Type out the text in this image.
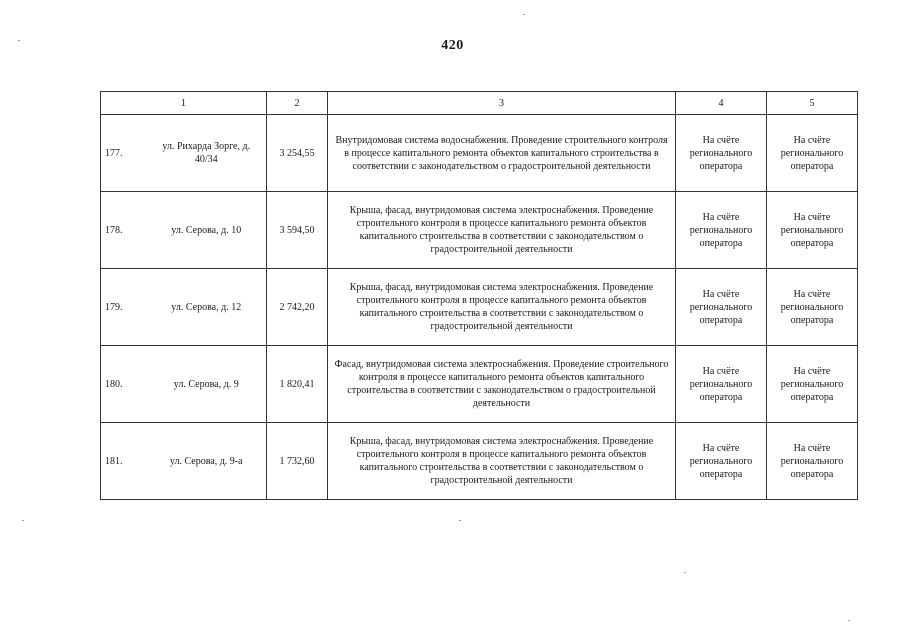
420
1		2	3	4	5
177.	ул. Рихарда Зорге, д. 40/34	3 254,55	Внутридомовая система водоснабжения. Проведение строительного контроля в процессе капитального ремонта объектов капитального строительства в соответствии с законодательством о градостроительной деятельности	На счёте регионального оператора	На счёте регионального оператора
178.	ул. Серова, д. 10	3 594,50	Крыша, фасад, внутридомовая система электроснабжения. Проведение строительного контроля в процессе капитального ремонта объектов капитального строительства в соответствии с законодательством о градостроительной деятельности	На счёте регионального оператора	На счёте регионального оператора
179.	ул. Серова, д. 12	2 742,20	Крыша, фасад, внутридомовая система электроснабжения. Проведение строительного контроля в процессе капитального ремонта объектов капитального строительства в соответствии с законодательством о градостроительной деятельности	На счёте регионального оператора	На счёте регионального оператора
180.	ул. Серова, д. 9	1 820,41	Фасад, внутридомовая система электроснабжения. Проведение строительного контроля в процессе капитального ремонта объектов капитального строительства в соответствии с законодательством о градостроительной деятельности	На счёте регионального оператора	На счёте регионального оператора
181.	ул. Серова, д. 9-а	1 732,60	Крыша, фасад, внутридомовая система электроснабжения. Проведение строительного контроля в процессе капитального ремонта объектов капитального строительства в соответствии с законодательством о градостроительной деятельности	На счёте регионального оператора	На счёте регионального оператора
